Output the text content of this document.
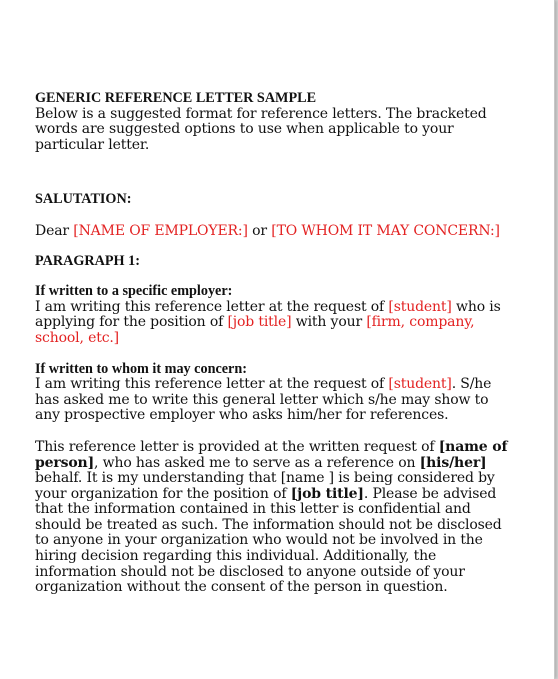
GENERIC REFERENCE LETTER SAMPLE
Below is a suggested format for reference letters. The bracketed
words are suggested options to use when applicable to your
particular letter.
SALUTATION:
Dear [NAME OF EMPLOYER:] or [TO WHOM IT MAY CONCERN:]
PARAGRAPH 1:
If written to a specific employer:
I am writing this reference letter at the request of [student] who is
applying for the position of [job title] with your [firm, company,
school, etc.]
If written to whom it may concern:
I am writing this reference letter at the request of [student]. S/he
has asked me to write this general letter which s/he may show to
any prospective employer who asks him/her for references.
This reference letter is provided at the written request of [name of
person], who has asked me to serve as a reference on [his/her]
behalf. It is my understanding that [name ] is being considered by
your organization for the position of [job title]. Please be advised
that the information contained in this letter is confidential and
should be treated as such. The information should not be disclosed
to anyone in your organization who would not be involved in the
hiring decision regarding this individual. Additionally, the
information should not be disclosed to anyone outside of your
organization without the consent of the person in question.
